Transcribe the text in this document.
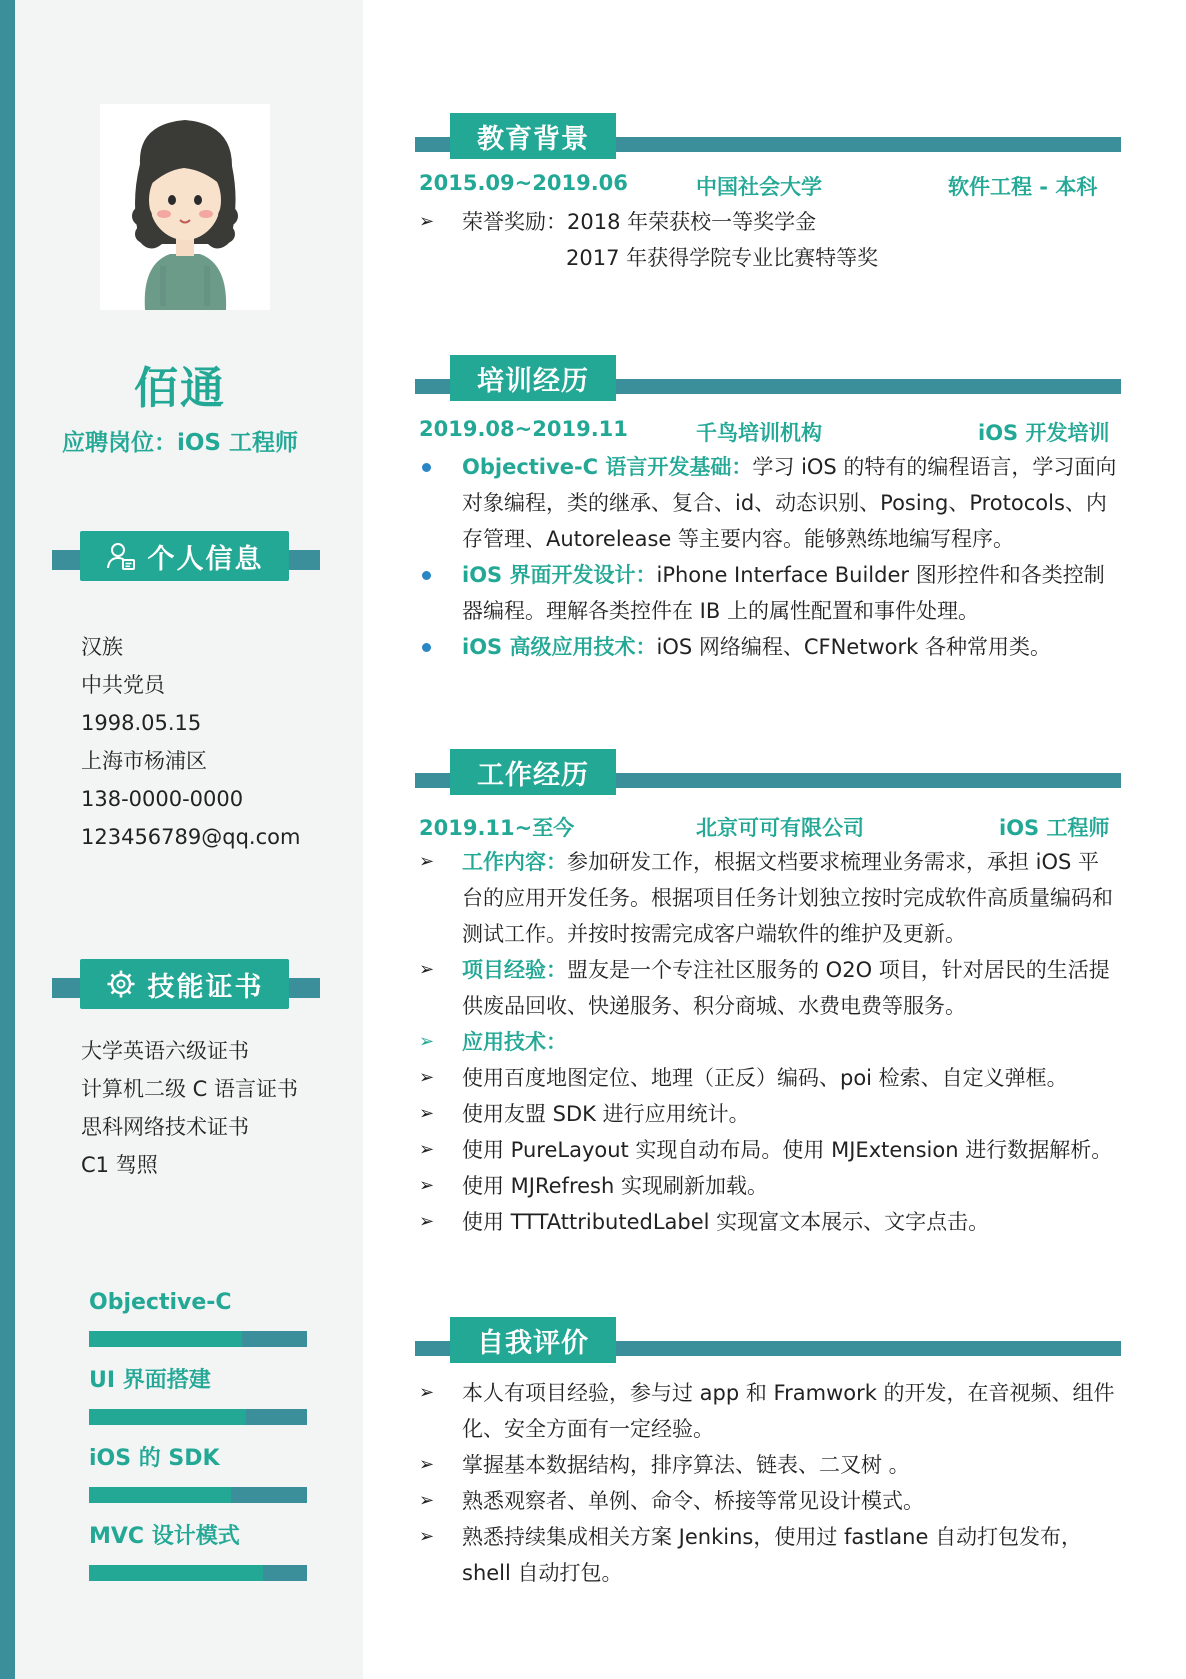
佰通
应聘岗位：iOS 工程师
个人信息
汉族
中共党员
1998.05.15
上海市杨浦区
138-0000-0000
123456789@qq.com
技能证书
大学英语六级证书
计算机二级 C 语言证书
思科网络技术证书
C1 驾照
Objective-C
UI 界面搭建
iOS 的 SDK
MVC 设计模式
教育背景
2015.09~2019.06	中国社会大学	软件工程 - 本科
➢	荣誉奖励：2018 年荣获校一等奖学金
2017 年获得学院专业比赛特等奖
培训经历
2019.08~2019.11	千鸟培训机构	iOS 开发培训
Objective-C 语言开发基础：学习 iOS 的特有的编程语言，学习面向对象编程，类的继承、复合、id、动态识别、Posing、Protocols、内存管理、Autorelease 等主要内容。能够熟练地编写程序。
iOS 界面开发设计：iPhone Interface Builder 图形控件和各类控制器编程。理解各类控件在 IB 上的属性配置和事件处理。
iOS 高级应用技术：iOS 网络编程、CFNetwork 各种常用类。
工作经历
2019.11~至今	北京可可有限公司	iOS 工程师
➢	工作内容：参加研发工作，根据文档要求梳理业务需求，承担 iOS 平台的应用开发任务。根据项目任务计划独立按时完成软件高质量编码和测试工作。并按时按需完成客户端软件的维护及更新。
➢	项目经验：盟友是一个专注社区服务的 O2O 项目，针对居民的生活提供废品回收、快递服务、积分商城、水费电费等服务。
➢	应用技术：
➢	使用百度地图定位、地理（正反）编码、poi 检索、自定义弹框。
➢	使用友盟 SDK 进行应用统计。
➢	使用 PureLayout 实现自动布局。使用 MJExtension 进行数据解析。
➢	使用 MJRefresh 实现刷新加载。
➢	使用 TTTAttributedLabel 实现富文本展示、文字点击。
自我评价
➢	本人有项目经验，参与过 app 和 Framwork 的开发，在音视频、组件化、安全方面有一定经验。
➢	掌握基本数据结构，排序算法、链表、二叉树 。
➢	熟悉观察者、单例、命令、桥接等常见设计模式。
➢	熟悉持续集成相关方案 Jenkins，使用过 fastlane 自动打包发布，shell 自动打包。
